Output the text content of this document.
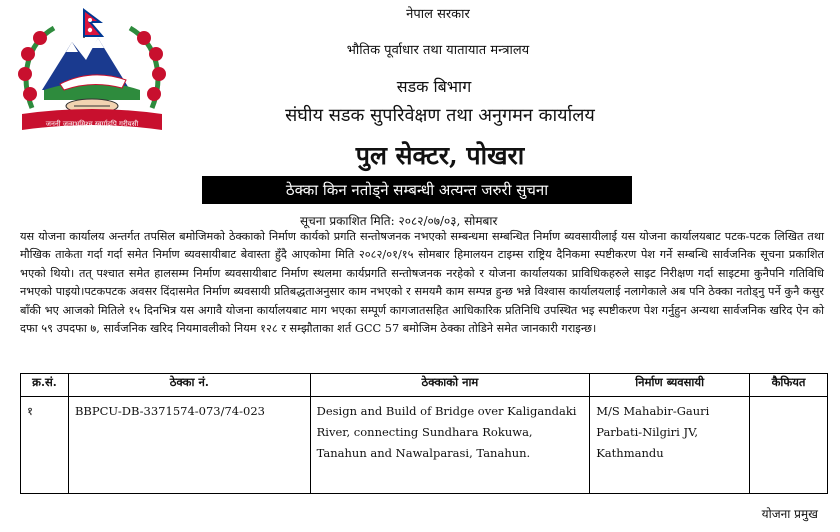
जननी जन्मभूमिश्च स्वर्गादपि गरीयसी
नेपाल सरकार
भौतिक पूर्वाधार तथा यातायात मन्त्रालय
सडक बिभाग
संघीय सडक सुपरिवेक्षण तथा अनुगमन कार्यालय
पुल सेक्टर, पोखरा
ठेक्का किन नतोड्ने सम्बन्धी अत्यन्त जरुरी सुचना
सूचना प्रकाशित मिति: २०८२/०७/०३, सोमबार
यस योजना कार्यालय अन्तर्गत तपसिल बमोजिमको ठेक्काको निर्माण कार्यको प्रगति सन्तोषजनक नभएको सम्बन्धमा सम्बन्धित निर्माण ब्यवसायीलाई यस योजना कार्यालयबाट पटक-पटक लिखित तथा मौखिक ताकेता गर्दा गर्दा समेत निर्माण ब्यवसायीबाट बेवास्ता हुँदै आएकोमा मिति २०८२/०१/१५ सोमबार हिमालयन टाइम्स राष्ट्रिय दैनिकमा स्पष्टीकरण पेश गर्ने सम्बन्धि सार्वजनिक सूचना प्रकाशित भएको थियो। तत् पश्चात समेत हालसम्म निर्माण ब्यवसायीबाट निर्माण स्थलमा कार्यप्रगति सन्तोषजनक नरहेको र योजना कार्यालयका प्राविधिकहरुले साइट निरीक्षण गर्दा साइटमा कुनैपनि गतिविधि नभएको पाइयो।पटकपटक अवसर दिंदासमेत निर्माण ब्यवसायी प्रतिबद्धताअनुसार काम नभएको र समयमै काम सम्पन्न हुन्छ भन्ने विश्वास कार्यालयलाई नलागेकाले अब पनि ठेक्का नतोड्नु पर्ने कुनै कसुर बाँकी भए आजको मितिले १५ दिनभित्र यस अगावै योजना कार्यालयबाट माग भएका सम्पूर्ण कागजातसहित आधिकारिक प्रतिनिधि उपस्थित भइ स्पष्टीकरण पेश गर्नुहुन अन्यथा सार्वजनिक खरिद ऐन को दफा ५९ उपदफा ७, सार्वजनिक खरिद नियमावलीको नियम १२८ र सम्झौताका शर्त GCC 57 बमोजिम ठेक्का तोडिने समेत जानकारी गराइन्छ।
क्र.सं.	ठेक्का नं.	ठेक्काको नाम	निर्माण ब्यवसायी	कैफियत
१	BBPCU-DB-3371574-073/74-023	Design and Build of Bridge over Kaligandaki River, connecting Sundhara Rokuwa, Tanahun and Nawalparasi, Tanahun.	M/S Mahabir-Gauri Parbati-Nilgiri JV, Kathmandu	
योजना प्रमुख
